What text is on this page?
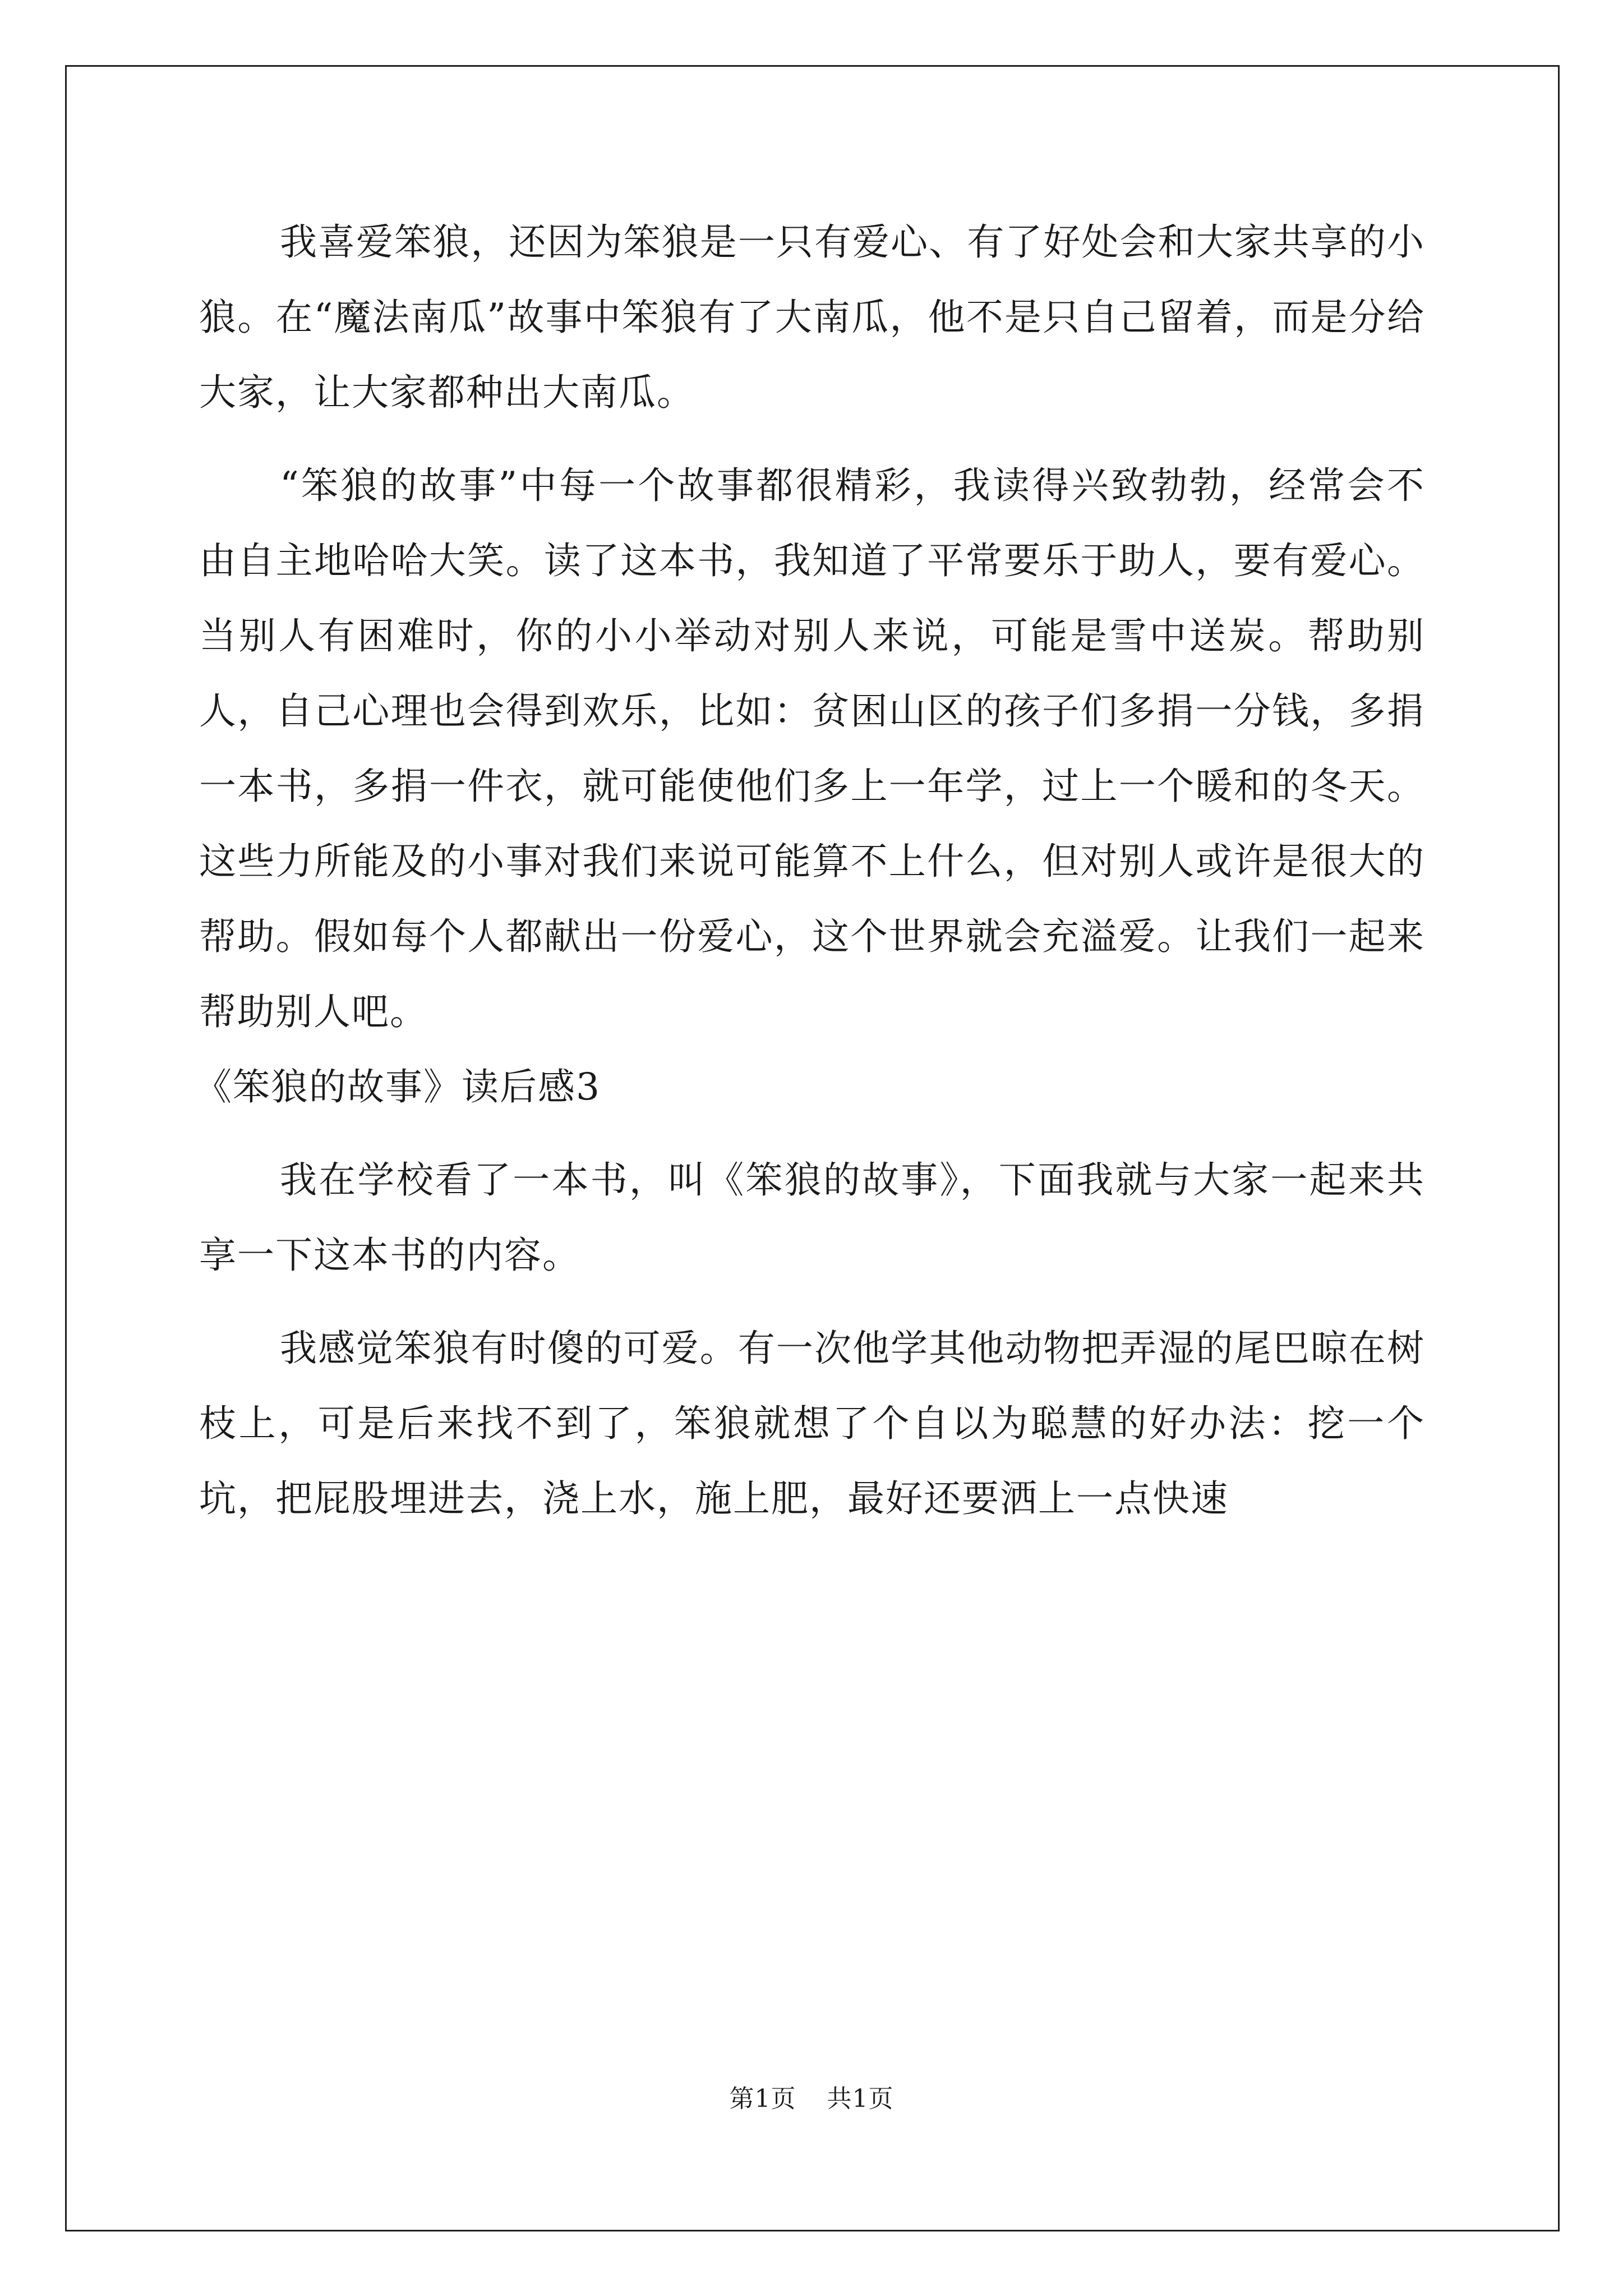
我喜爱笨狼，还因为笨狼是一只有爱心、有了好处会和大家共享的小狼。在“魔法南瓜”故事中笨狼有了大南瓜，他不是只自己留着，而是分给大家，让大家都种出大南瓜。

“笨狼的故事”中每一个故事都很精彩，我读得兴致勃勃，经常会不由自主地哈哈大笑。读了这本书，我知道了平常要乐于助人，要有爱心。当别人有困难时，你的小小举动对别人来说，可能是雪中送炭。帮助别人，自己心理也会得到欢乐，比如：贫困山区的孩子们多捐一分钱，多捐一本书，多捐一件衣，就可能使他们多上一年学，过上一个暖和的冬天。这些力所能及的小事对我们来说可能算不上什么，但对别人或许是很大的帮助。假如每个人都献出一份爱心，这个世界就会充溢爱。让我们一起来帮助别人吧。

《笨狼的故事》读后感3

我在学校看了一本书，叫《笨狼的故事》，下面我就与大家一起来共享一下这本书的内容。

我感觉笨狼有时傻的可爱。有一次他学其他动物把弄湿的尾巴晾在树枝上，可是后来找不到了，笨狼就想了个自以为聪慧的好办法：挖一个坑，把屁股埋进去，浇上水，施上肥，最好还要洒上一点快速

第1页 共1页
